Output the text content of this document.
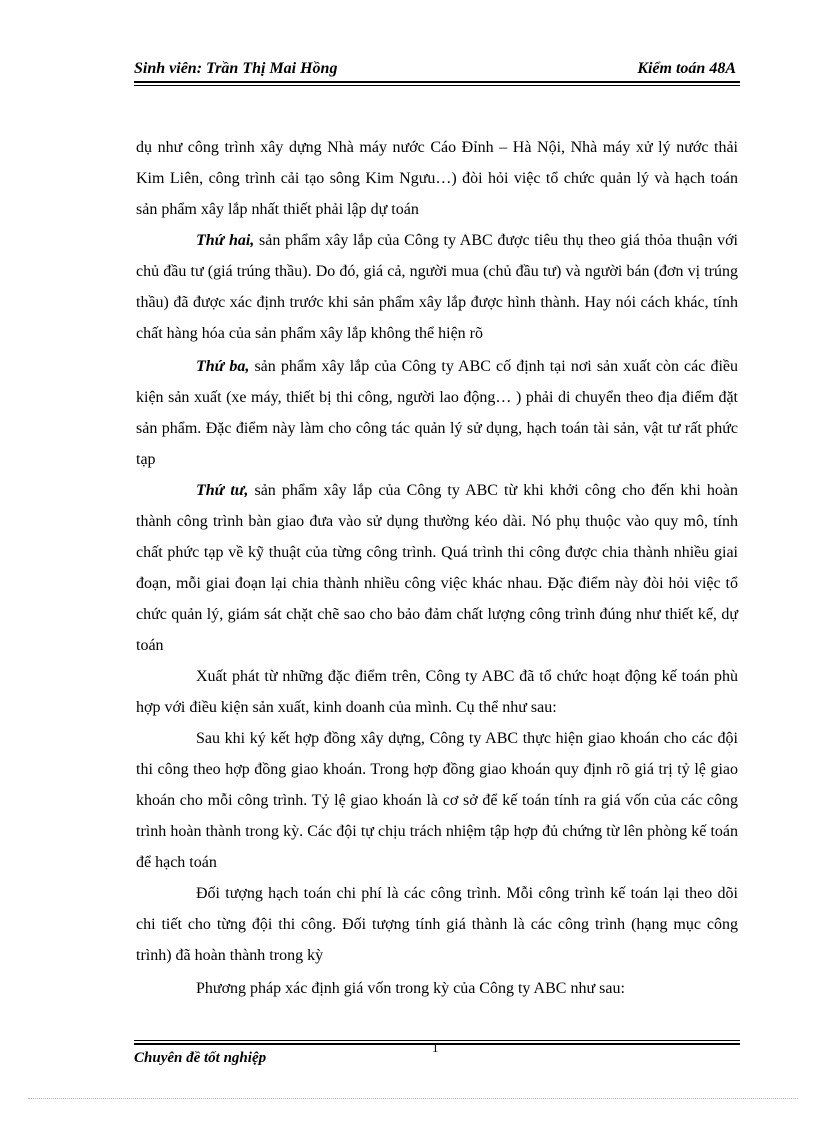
Sinh viên: Trần Thị Mai Hồng	Kiểm toán 48A

dụ như công trình xây dựng Nhà máy nước Cáo Đỉnh – Hà Nội, Nhà máy xử lý nước thải Kim Liên, công trình cải tạo sông Kim Ngưu…) đòi hỏi việc tổ chức quản lý và hạch toán sản phẩm xây lắp nhất thiết phải lập dự toán

Thứ hai, sản phẩm xây lắp của Công ty ABC được tiêu thụ theo giá thỏa thuận với chủ đầu tư (giá trúng thầu). Do đó, giá cả, người mua (chủ đầu tư) và người bán (đơn vị trúng thầu) đã được xác định trước khi sản phẩm xây lắp được hình thành. Hay nói cách khác, tính chất hàng hóa của sản phẩm xây lắp không thể hiện rõ

Thứ ba, sản phẩm xây lắp của Công ty ABC cố định tại nơi sản xuất còn các điều kiện sản xuất (xe máy, thiết bị thi công, người lao động… ) phải di chuyển theo địa điểm đặt sản phẩm. Đặc điểm này làm cho công tác quản lý sử dụng, hạch toán tài sản, vật tư rất phức tạp

Thứ tư, sản phẩm xây lắp của Công ty ABC từ khi khởi công cho đến khi hoàn thành công trình bàn giao đưa vào sử dụng thường kéo dài. Nó phụ thuộc vào quy mô, tính chất phức tạp về kỹ thuật của từng công trình. Quá trình thi công được chia thành nhiều giai đoạn, mỗi giai đoạn lại chia thành nhiều công việc khác nhau. Đặc điểm này đòi hỏi việc tổ chức quản lý, giám sát chặt chẽ sao cho bảo đảm chất lượng công trình đúng như thiết kế, dự toán

Xuất phát từ những đặc điểm trên, Công ty ABC đã tổ chức hoạt động kế toán phù hợp với điều kiện sản xuất, kinh doanh của mình. Cụ thể như sau:

Sau khi ký kết hợp đồng xây dựng, Công ty ABC thực hiện giao khoán cho các đội thi công theo hợp đồng giao khoán. Trong hợp đồng giao khoán quy định rõ giá trị tỷ lệ giao khoán cho mỗi công trình. Tỷ lệ giao khoán là cơ sở để kế toán tính ra giá vốn của các công trình hoàn thành trong kỳ. Các đội tự chịu trách nhiệm tập hợp đủ chứng từ lên phòng kế toán để hạch toán

Đối tượng hạch toán chi phí là các công trình. Mỗi công trình kế toán lại theo dõi chi tiết cho từng đội thi công. Đối tượng tính giá thành là các công trình (hạng mục công trình) đã hoàn thành trong kỳ

Phương pháp xác định giá vốn trong kỳ của Công ty ABC như sau:

1
Chuyên đề tốt nghiệp
